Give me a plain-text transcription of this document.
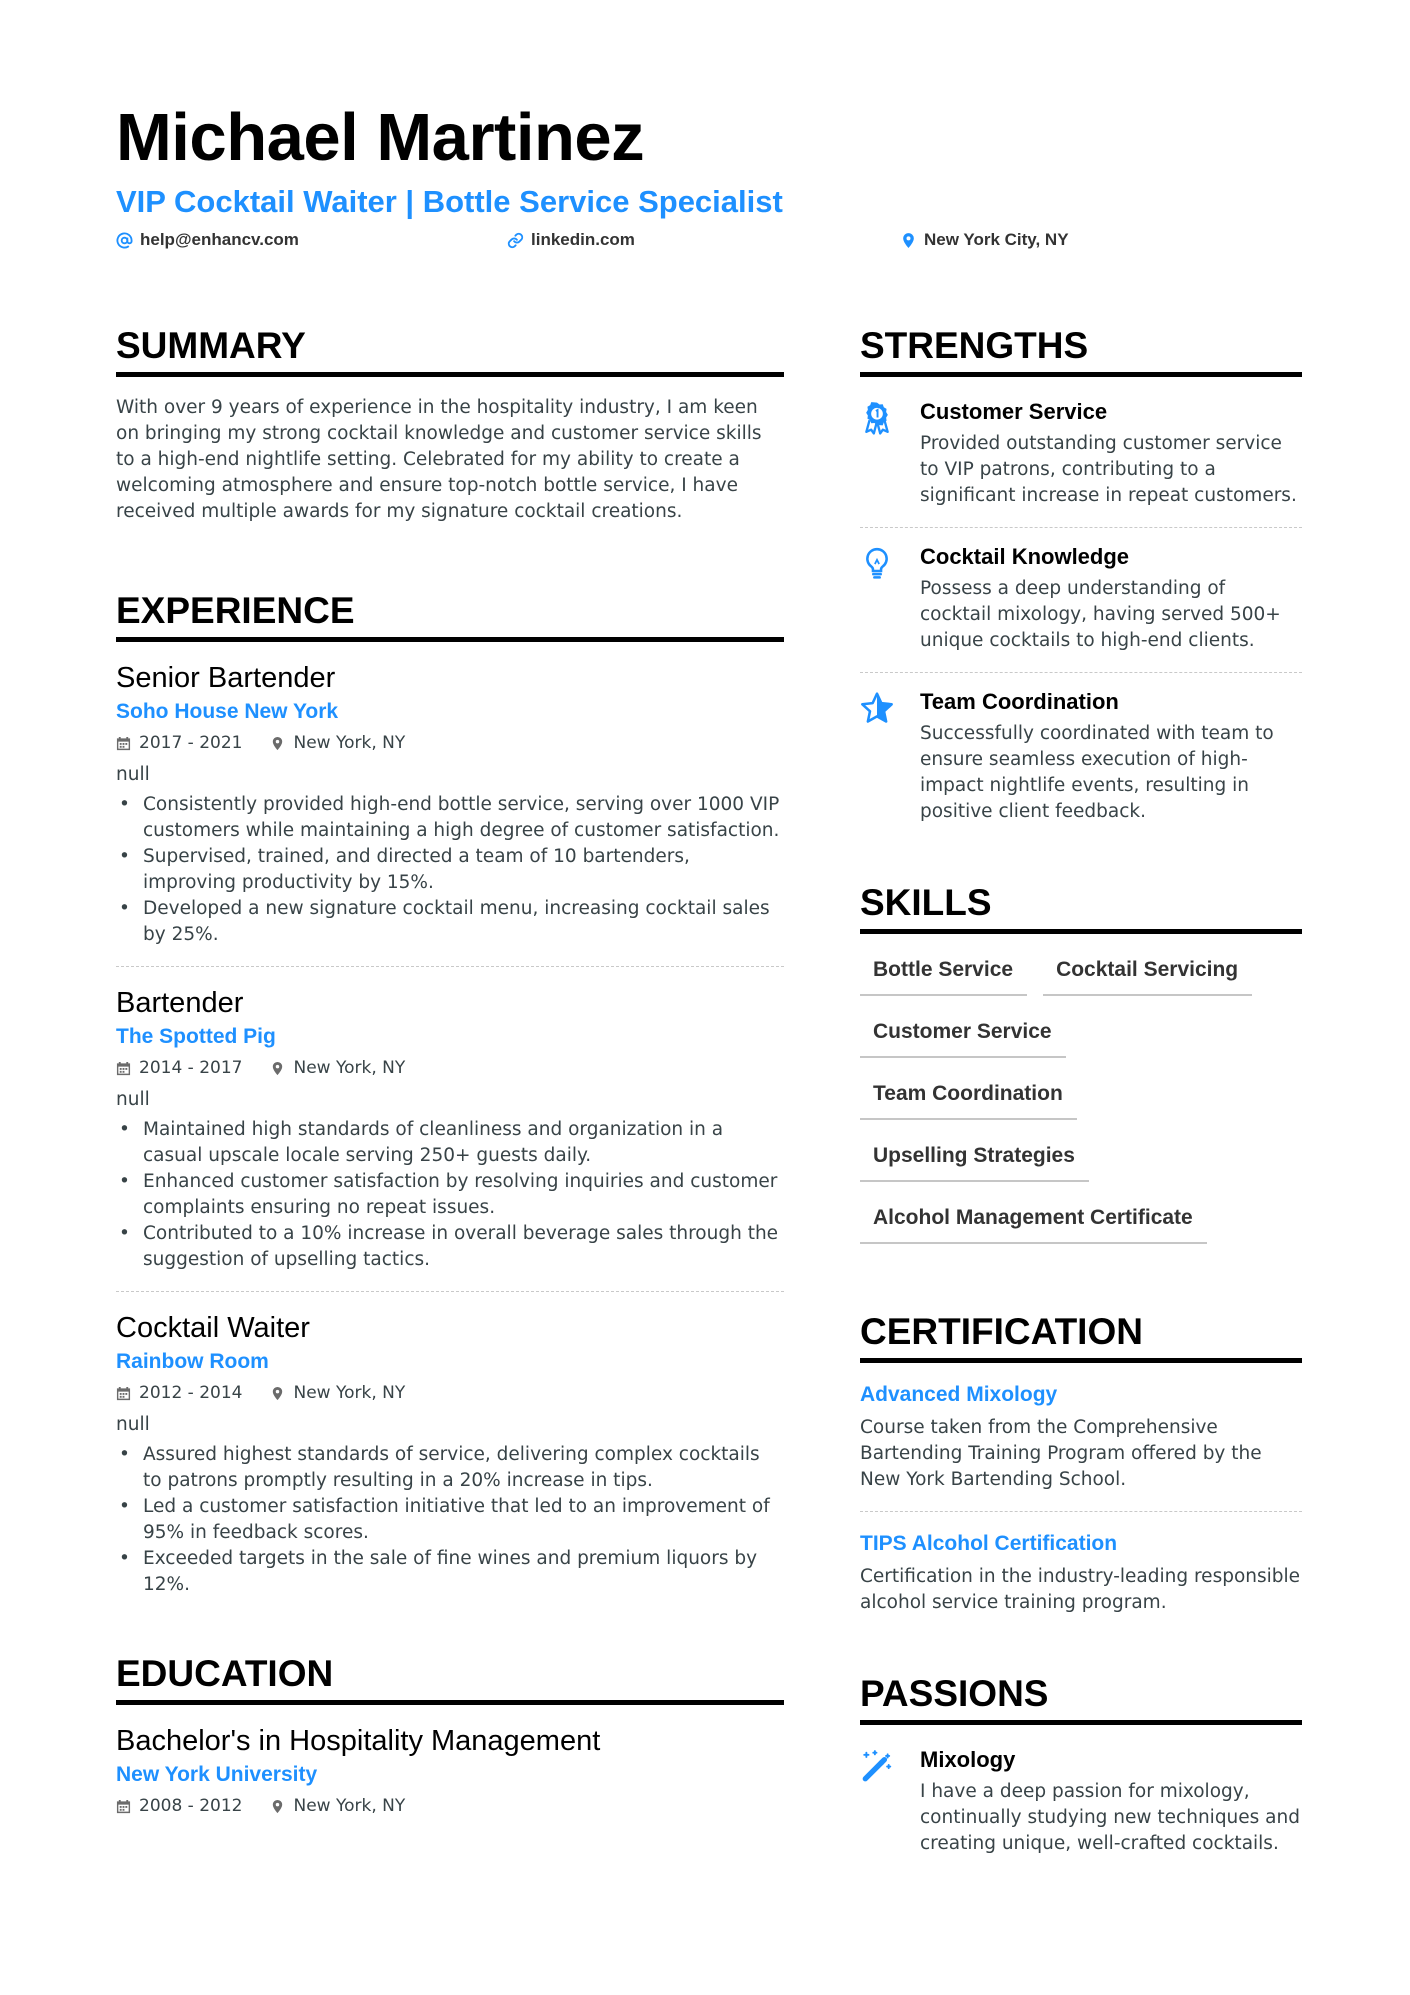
Michael Martinez
VIP Cocktail Waiter | Bottle Service Specialist
help@enhancv.com	linkedin.com	New York City, NY
SUMMARY

With over 9 years of experience in the hospitality industry, I am keen on bringing my strong cocktail knowledge and customer service skills to a high-end nightlife setting. Celebrated for my ability to create a welcoming atmosphere and ensure top-notch bottle service, I have received multiple awards for my signature cocktail creations.

EXPERIENCE
Senior Bartender
Soho House New York
2017 - 2021	New York, NY
null
• Consistently provided high-end bottle service, serving over 1000 VIP customers while maintaining a high degree of customer satisfaction.
• Supervised, trained, and directed a team of 10 bartenders, improving productivity by 15%.
• Developed a new signature cocktail menu, increasing cocktail sales by 25%.
Bartender
The Spotted Pig
2014 - 2017	New York, NY
null
• Maintained high standards of cleanliness and organization in a casual upscale locale serving 250+ guests daily.
• Enhanced customer satisfaction by resolving inquiries and customer complaints ensuring no repeat issues.
• Contributed to a 10% increase in overall beverage sales through the suggestion of upselling tactics.
Cocktail Waiter
Rainbow Room
2012 - 2014	New York, NY
null
• Assured highest standards of service, delivering complex cocktails to patrons promptly resulting in a 20% increase in tips.
• Led a customer satisfaction initiative that led to an improvement of 95% in feedback scores.
• Exceeded targets in the sale of fine wines and premium liquors by 12%.
EDUCATION
Bachelor's in Hospitality Management
New York University
2008 - 2012	New York, NY
STRENGTHS
Customer Service

Provided outstanding customer service to VIP patrons, contributing to a significant increase in repeat customers.

Cocktail Knowledge

Possess a deep understanding of cocktail mixology, having served 500+ unique cocktails to high-end clients.

Team Coordination

Successfully coordinated with team to ensure seamless execution of high-impact nightlife events, resulting in positive client feedback.

SKILLS
Bottle Service	Cocktail Servicing
Customer Service
Team Coordination
Upselling Strategies
Alcohol Management Certificate
CERTIFICATION
Advanced Mixology

Course taken from the Comprehensive Bartending Training Program offered by the New York Bartending School.

TIPS Alcohol Certification

Certification in the industry-leading responsible alcohol service training program.

PASSIONS
Mixology

I have a deep passion for mixology, continually studying new techniques and creating unique, well-crafted cocktails.
